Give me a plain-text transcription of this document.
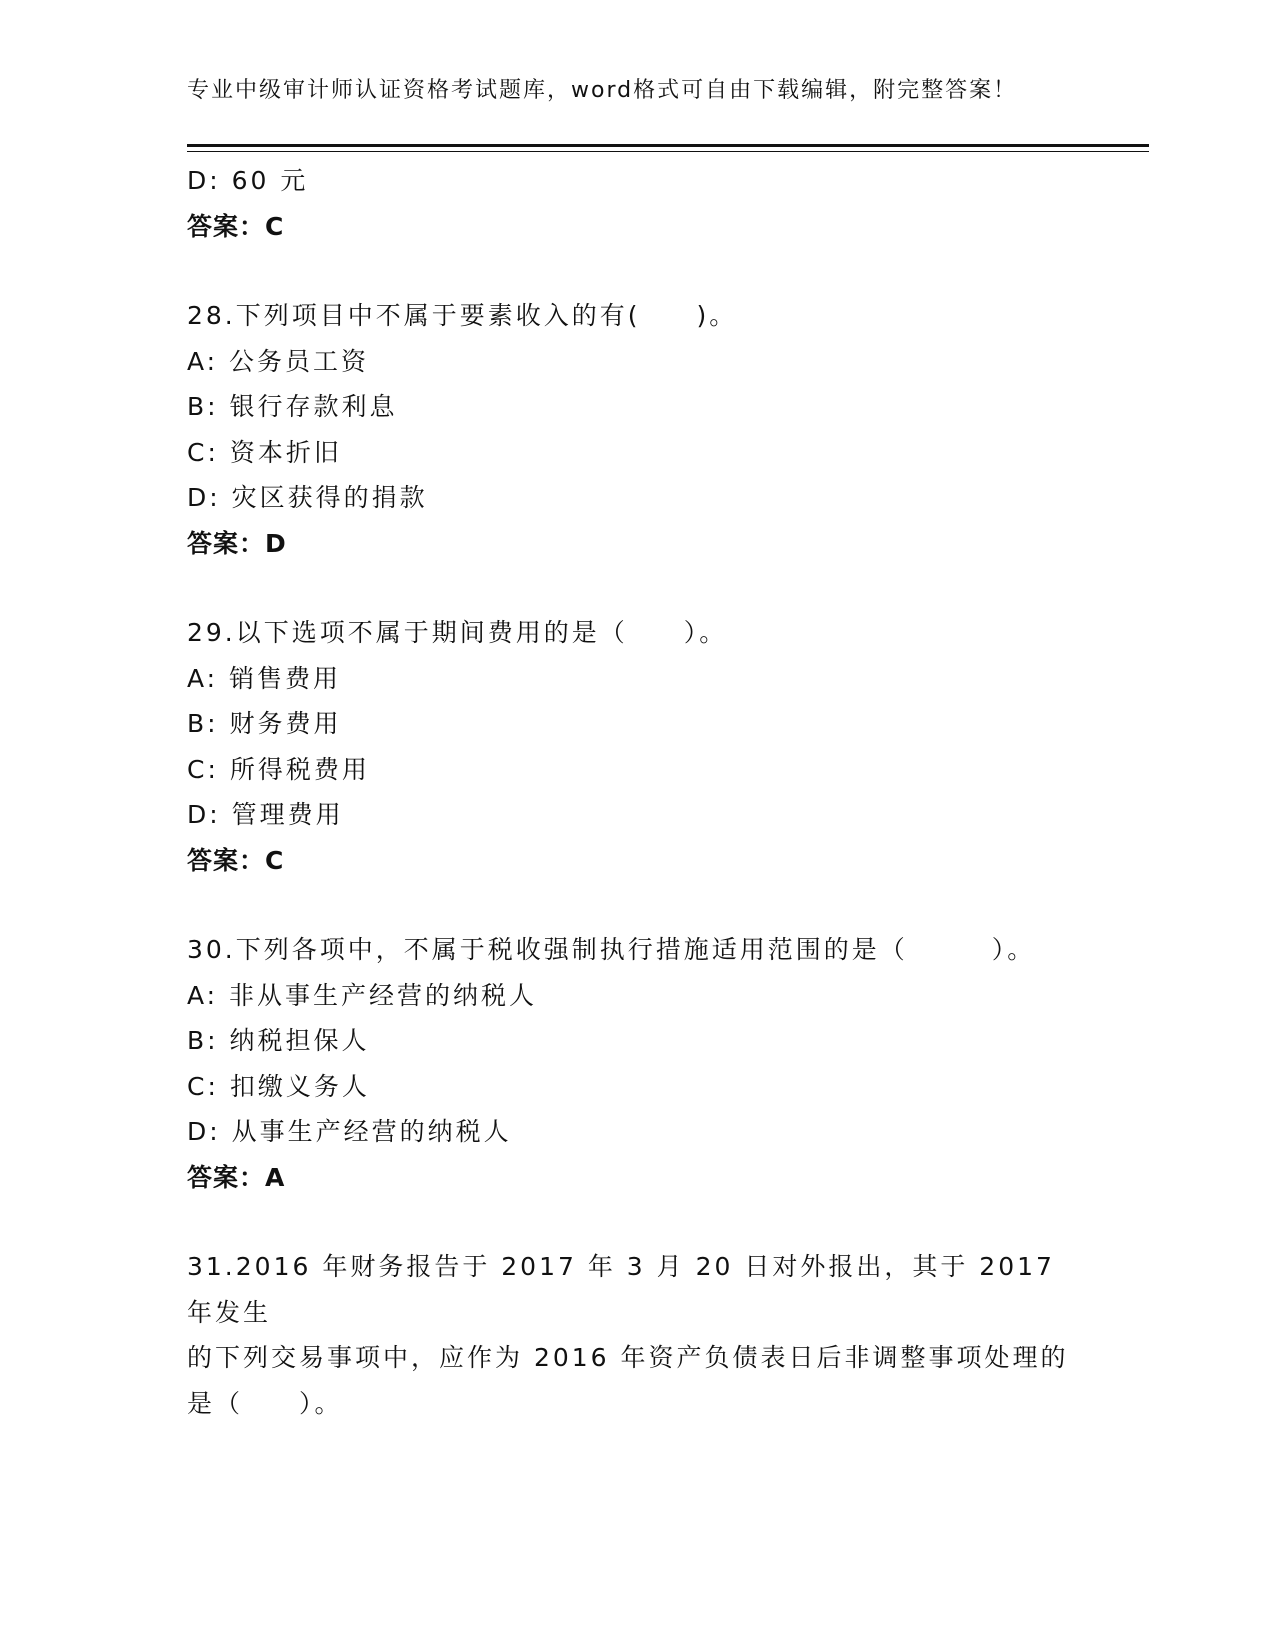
专业中级审计师认证资格考试题库，word格式可自由下载编辑，附完整答案！
D: 60 元
答案：C
28.下列项目中不属于要素收入的有(　　)。
A: 公务员工资
B: 银行存款利息
C: 资本折旧
D: 灾区获得的捐款
答案：D
29.以下选项不属于期间费用的是（　　）。
A: 销售费用
B: 财务费用
C: 所得税费用
D: 管理费用
答案：C
30.下列各项中，不属于税收强制执行措施适用范围的是（　　　）。
A: 非从事生产经营的纳税人
B: 纳税担保人
C: 扣缴义务人
D: 从事生产经营的纳税人
答案：A
31.2016 年财务报告于 2017 年 3 月 20 日对外报出，其于 2017 年发生
的下列交易事项中，应作为 2016 年资产负债表日后非调整事项处理的
是（　　）。
